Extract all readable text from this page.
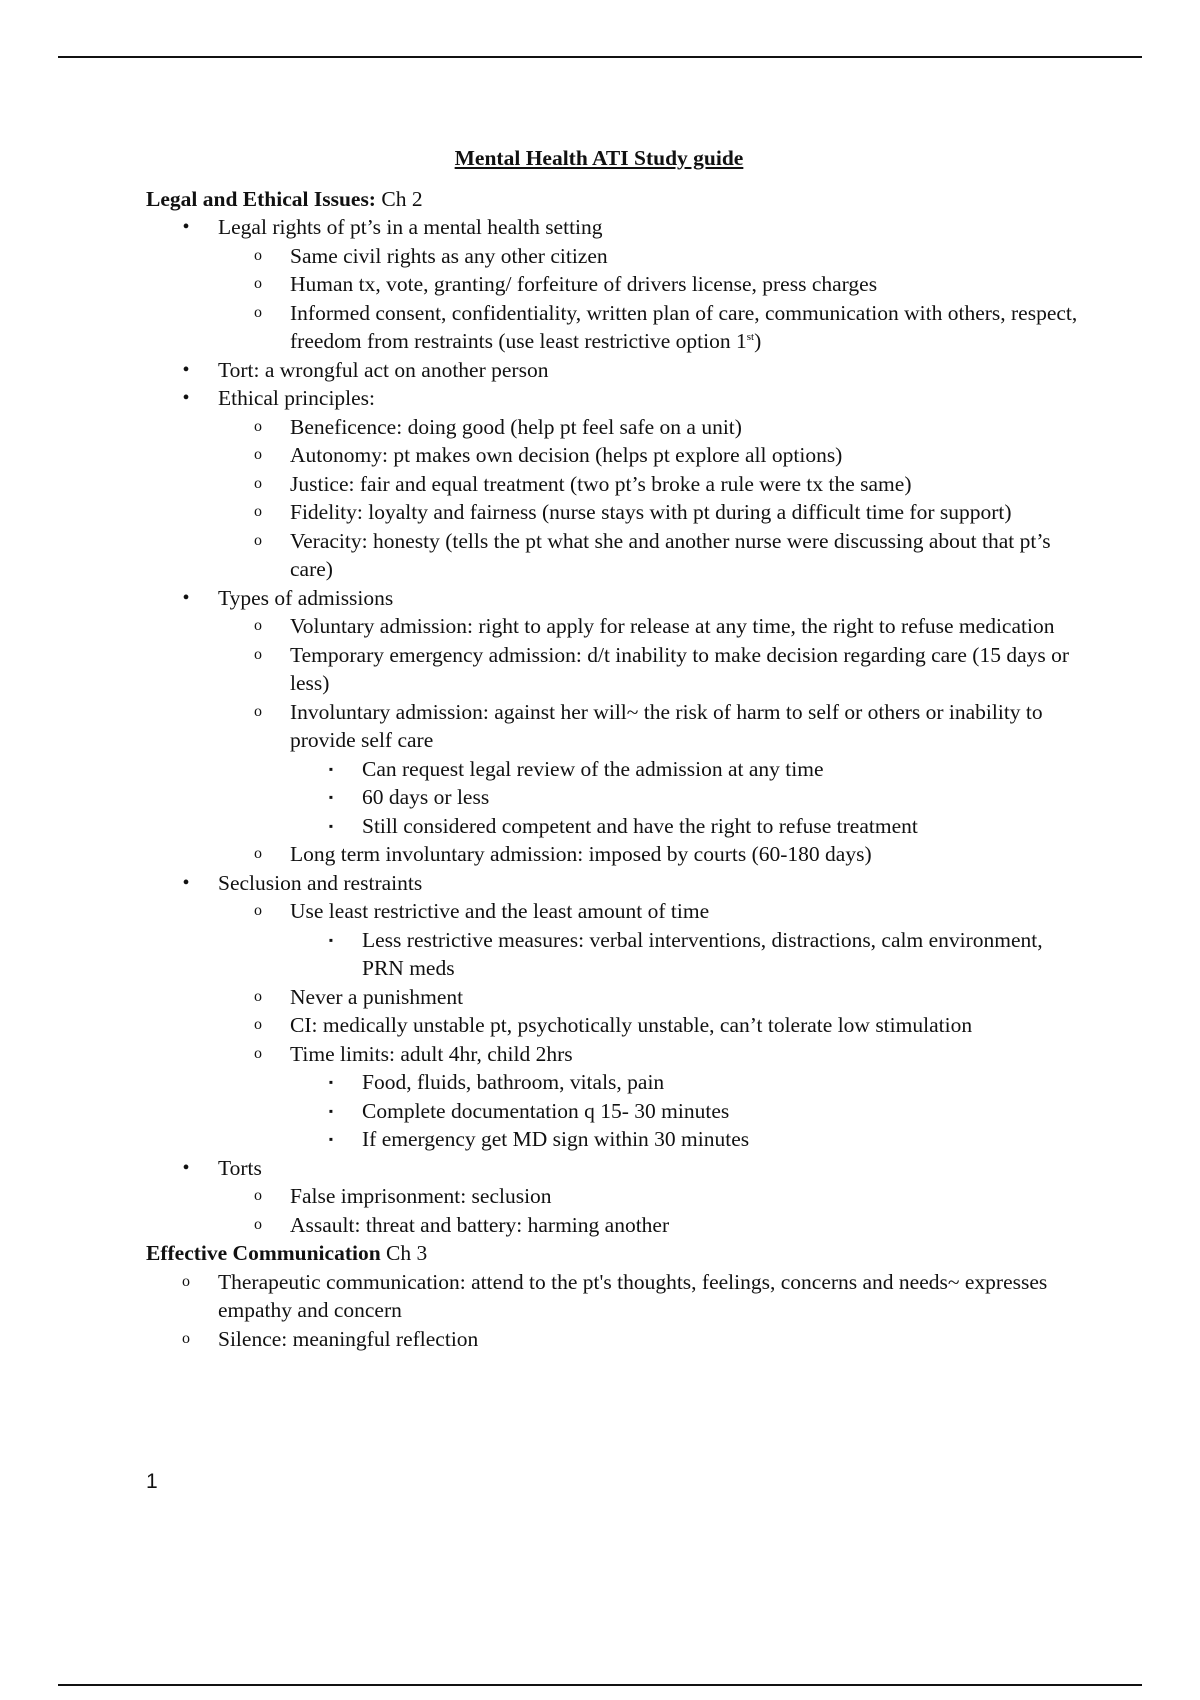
Mental Health ATI Study guide
Legal and Ethical Issues: Ch 2
•	Legal rights of pt’s in a mental health setting
o Same civil rights as any other citizen
o Human tx, vote, granting/ forfeiture of drivers license, press charges
o Informed consent, confidentiality, written plan of care, communication with others, respect, freedom from restraints (use least restrictive option 1st)
•	Tort: a wrongful act on another person
•	Ethical principles:
o Beneficence: doing good (help pt feel safe on a unit)
o Autonomy: pt makes own decision (helps pt explore all options)
o Justice: fair and equal treatment (two pt’s broke a rule were tx the same)
o Fidelity: loyalty and fairness (nurse stays with pt during a difficult time for support)
o Veracity: honesty (tells the pt what she and another nurse were discussing about that pt’s care)
•	Types of admissions
o Voluntary admission: right to apply for release at any time, the right to refuse medication
o Temporary emergency admission: d/t inability to make decision regarding care (15 days or less)
o Involuntary admission: against her will~ the risk of harm to self or others or inability to provide self care
▪	Can request legal review of the admission at any time
▪	60 days or less
▪	Still considered competent and have the right to refuse treatment
o Long term involuntary admission: imposed by courts (60-180 days)
•	Seclusion and restraints
o Use least restrictive and the least amount of time
▪	Less restrictive measures: verbal interventions, distractions, calm environment, PRN meds
o Never a punishment
o CI: medically unstable pt, psychotically unstable, can’t tolerate low stimulation
o Time limits: adult 4hr, child 2hrs
▪	Food, fluids, bathroom, vitals, pain
▪	Complete documentation q 15- 30 minutes
▪	If emergency get MD sign within 30 minutes
•	Torts
o False imprisonment: seclusion
o Assault: threat and battery: harming another
Effective Communication Ch 3
o Therapeutic communication: attend to the pt's thoughts, feelings, concerns and needs~ expresses empathy and concern
o Silence: meaningful reflection
1
